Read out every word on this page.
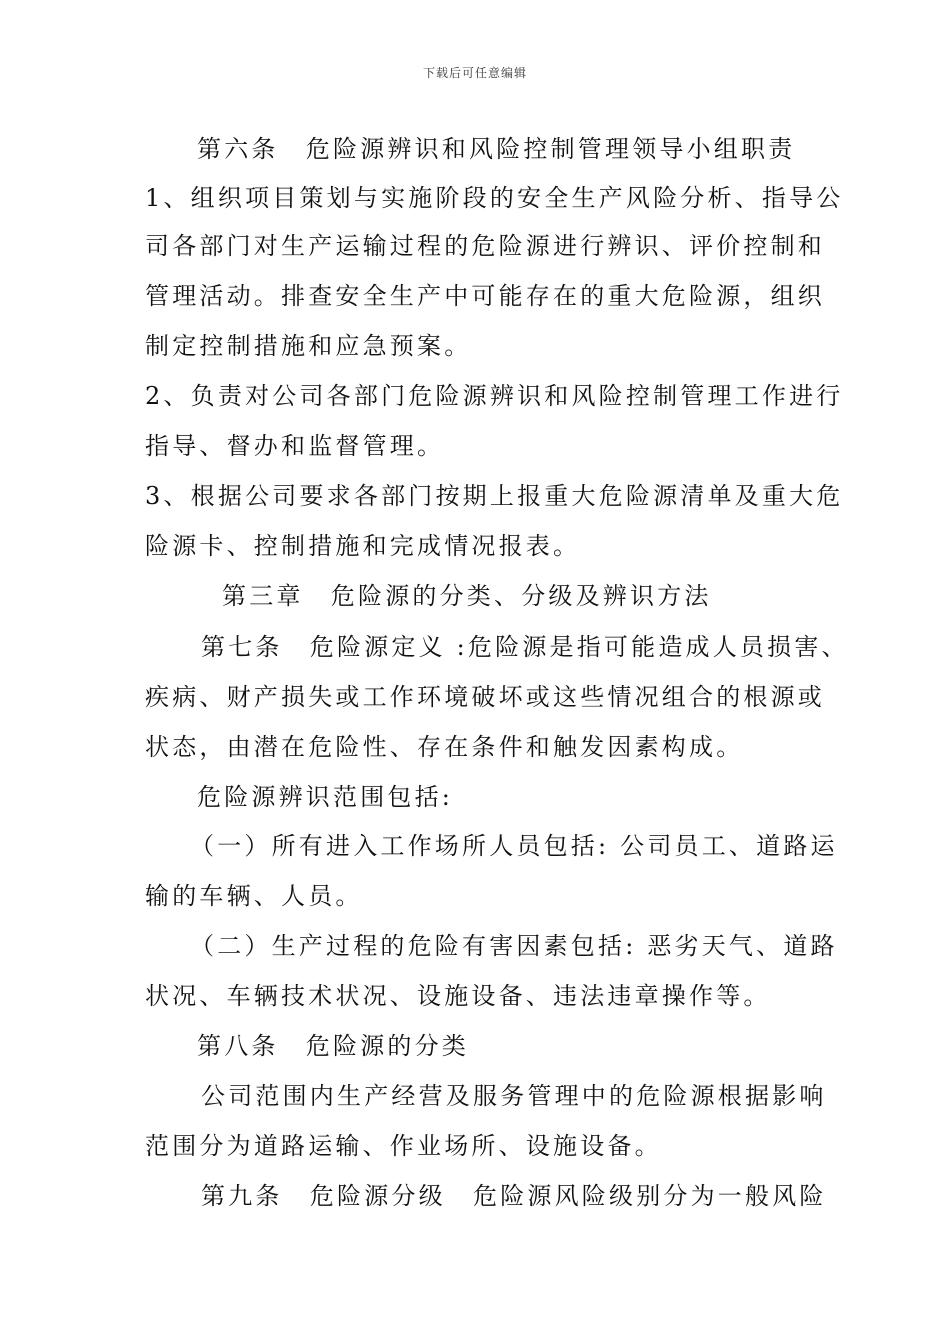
下载后可任意编辑
第六条　危险源辨识和风险控制管理领导小组职责
1、组织项目策划与实施阶段的安全生产风险分析、指导公
司各部门对生产运输过程的危险源进行辨识、评价控制和
管理活动。排查安全生产中可能存在的重大危险源，组织
制定控制措施和应急预案。
2、负责对公司各部门危险源辨识和风险控制管理工作进行
指导、督办和监督管理。
3、根据公司要求各部门按期上报重大危险源清单及重大危
险源卡、控制措施和完成情况报表。
第三章　危险源的分类、分级及辨识方法
第七条　危险源定义 :危险源是指可能造成人员损害、
疾病、财产损失或工作环境破坏或这些情况组合的根源或
状态，由潜在危险性、存在条件和触发因素构成。
危险源辨识范围包括:
（一）所有进入工作场所人员包括: 公司员工、道路运
输的车辆、人员。
（二）生产过程的危险有害因素包括: 恶劣天气、道路
状况、车辆技术状况、设施设备、违法违章操作等。
第八条　危险源的分类
公司范围内生产经营及服务管理中的危险源根据影响
范围分为道路运输、作业场所、设施设备。
第九条　危险源分级　危险源风险级别分为一般风险
